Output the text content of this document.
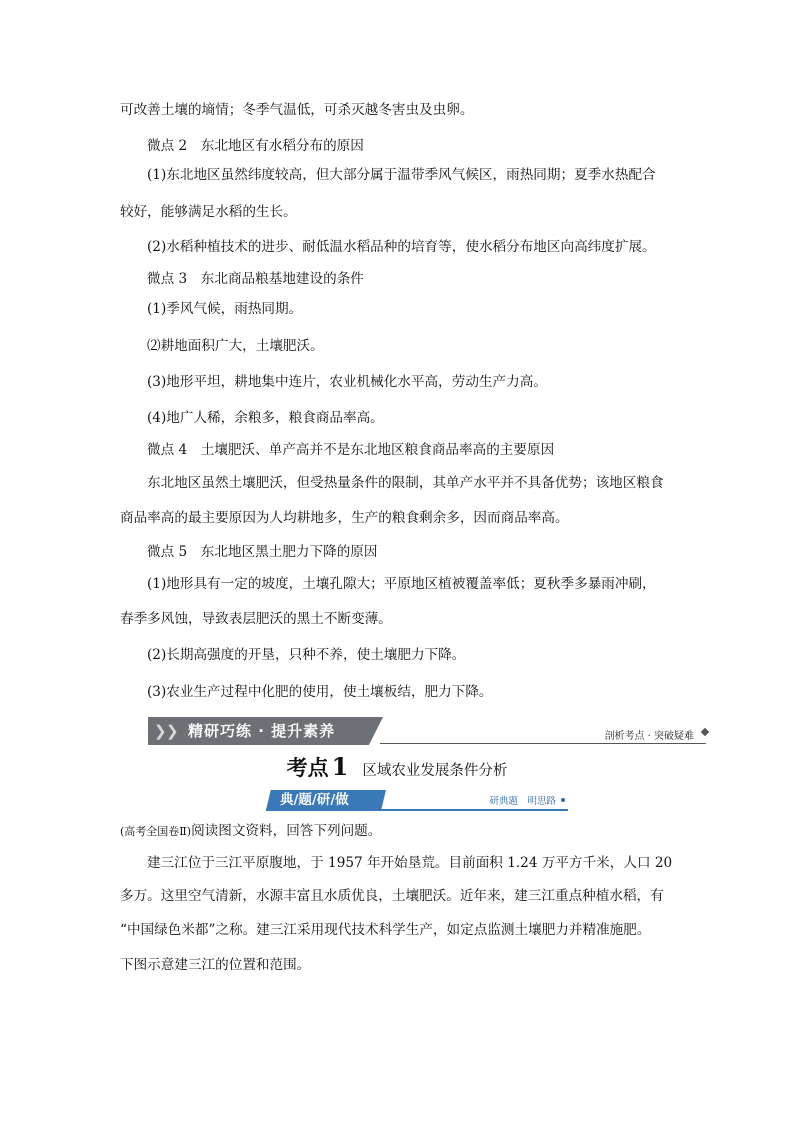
可改善土壤的墒情；冬季气温低，可杀灭越冬害虫及虫卵。
微点 2　东北地区有水稻分布的原因
(1)东北地区虽然纬度较高，但大部分属于温带季风气候区，雨热同期；夏季水热配合
较好，能够满足水稻的生长。
(2)水稻种植技术的进步、耐低温水稻品种的培育等，使水稻分布地区向高纬度扩展。
微点 3　东北商品粮基地建设的条件
(1)季风气候，雨热同期。
⑵耕地面积广大，土壤肥沃。
(3)地形平坦，耕地集中连片，农业机械化水平高，劳动生产力高。
(4)地广人稀，余粮多，粮食商品率高。
微点 4　土壤肥沃、单产高并不是东北地区粮食商品率高的主要原因
东北地区虽然土壤肥沃，但受热量条件的限制，其单产水平并不具备优势；该地区粮食
商品率高的最主要原因为人均耕地多，生产的粮食剩余多，因而商品率高。
微点 5　东北地区黑土肥力下降的原因
(1)地形具有一定的坡度，土壤孔隙大；平原地区植被覆盖率低；夏秋季多暴雨冲刷，
春季多风蚀，导致表层肥沃的黑土不断变薄。
(2)长期高强度的开垦，只种不养，使土壤肥力下降。
(3)农业生产过程中化肥的使用，使土壤板结，肥力下降。
❯ ❯ 精研巧练 · 提升素养	剖析考点 · 突破疑难
考点 1 区域农业发展条件分析
典/题/研/做	研典题　明思路
(高考全国卷Ⅱ)阅读图文资料，回答下列问题。
建三江位于三江平原腹地，于 1957 年开始垦荒。目前面积 1.24 万平方千米，人口 20
多万。这里空气清新，水源丰富且水质优良，土壤肥沃。近年来，建三江重点种植水稻，有
“中国绿色米都”之称。建三江采用现代技术科学生产，如定点监测土壤肥力并精准施肥。
下图示意建三江的位置和范围。
